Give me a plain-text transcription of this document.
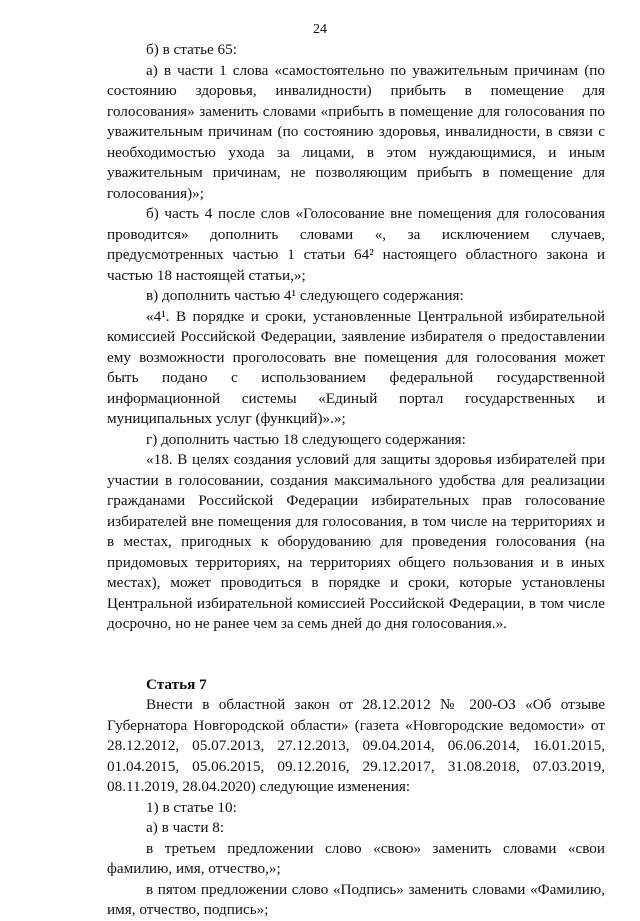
24

б) в статье 65:

а) в части 1 слова «самостоятельно по уважительным причинам (по состоянию здоровья, инвалидности) прибыть в помещение для голосования» заменить словами «прибыть в помещение для голосования по уважительным причинам (по состоянию здоровья, инвалидности, в связи с необходимостью ухода за лицами, в этом нуждающимися, и иным уважительным причинам, не позволяющим прибыть в помещение для голосования)»;

б) часть 4 после слов «Голосование вне помещения для голосования проводится» дополнить словами «, за исключением случаев, предусмотренных частью 1 статьи 64² настоящего областного закона и частью 18 настоящей статьи,»;

в) дополнить частью 4¹ следующего содержания:

«4¹. В порядке и сроки, установленные Центральной избирательной комиссией Российской Федерации, заявление избирателя о предоставлении ему возможности проголосовать вне помещения для голосования может быть подано с использованием федеральной государственной информационной системы «Единый портал государственных и муниципальных услуг (функций)».»;

г) дополнить частью 18 следующего содержания:

«18. В целях создания условий для защиты здоровья избирателей при участии в голосовании, создания максимального удобства для реализации гражданами Российской Федерации избирательных прав голосование избирателей вне помещения для голосования, в том числе на территориях и в местах, пригодных к оборудованию для проведения голосования (на придомовых территориях, на территориях общего пользования и в иных местах), может проводиться в порядке и сроки, которые установлены Центральной избирательной комиссией Российской Федерации, в том числе досрочно, но не ранее чем за семь дней до дня голосования.».

Статья 7

Внести в областной закон от 28.12.2012 № 200-ОЗ «Об отзыве Губернатора Новгородской области» (газета «Новгородские ведомости» от 28.12.2012, 05.07.2013, 27.12.2013, 09.04.2014, 06.06.2014, 16.01.2015, 01.04.2015, 05.06.2015, 09.12.2016, 29.12.2017, 31.08.2018, 07.03.2019, 08.11.2019, 28.04.2020) следующие изменения:

1) в статье 10:

а) в части 8:

в третьем предложении слово «свою» заменить словами «свои фамилию, имя, отчество,»;

в пятом предложении слово «Подпись» заменить словами «Фамилию, имя, отчество, подпись»;
